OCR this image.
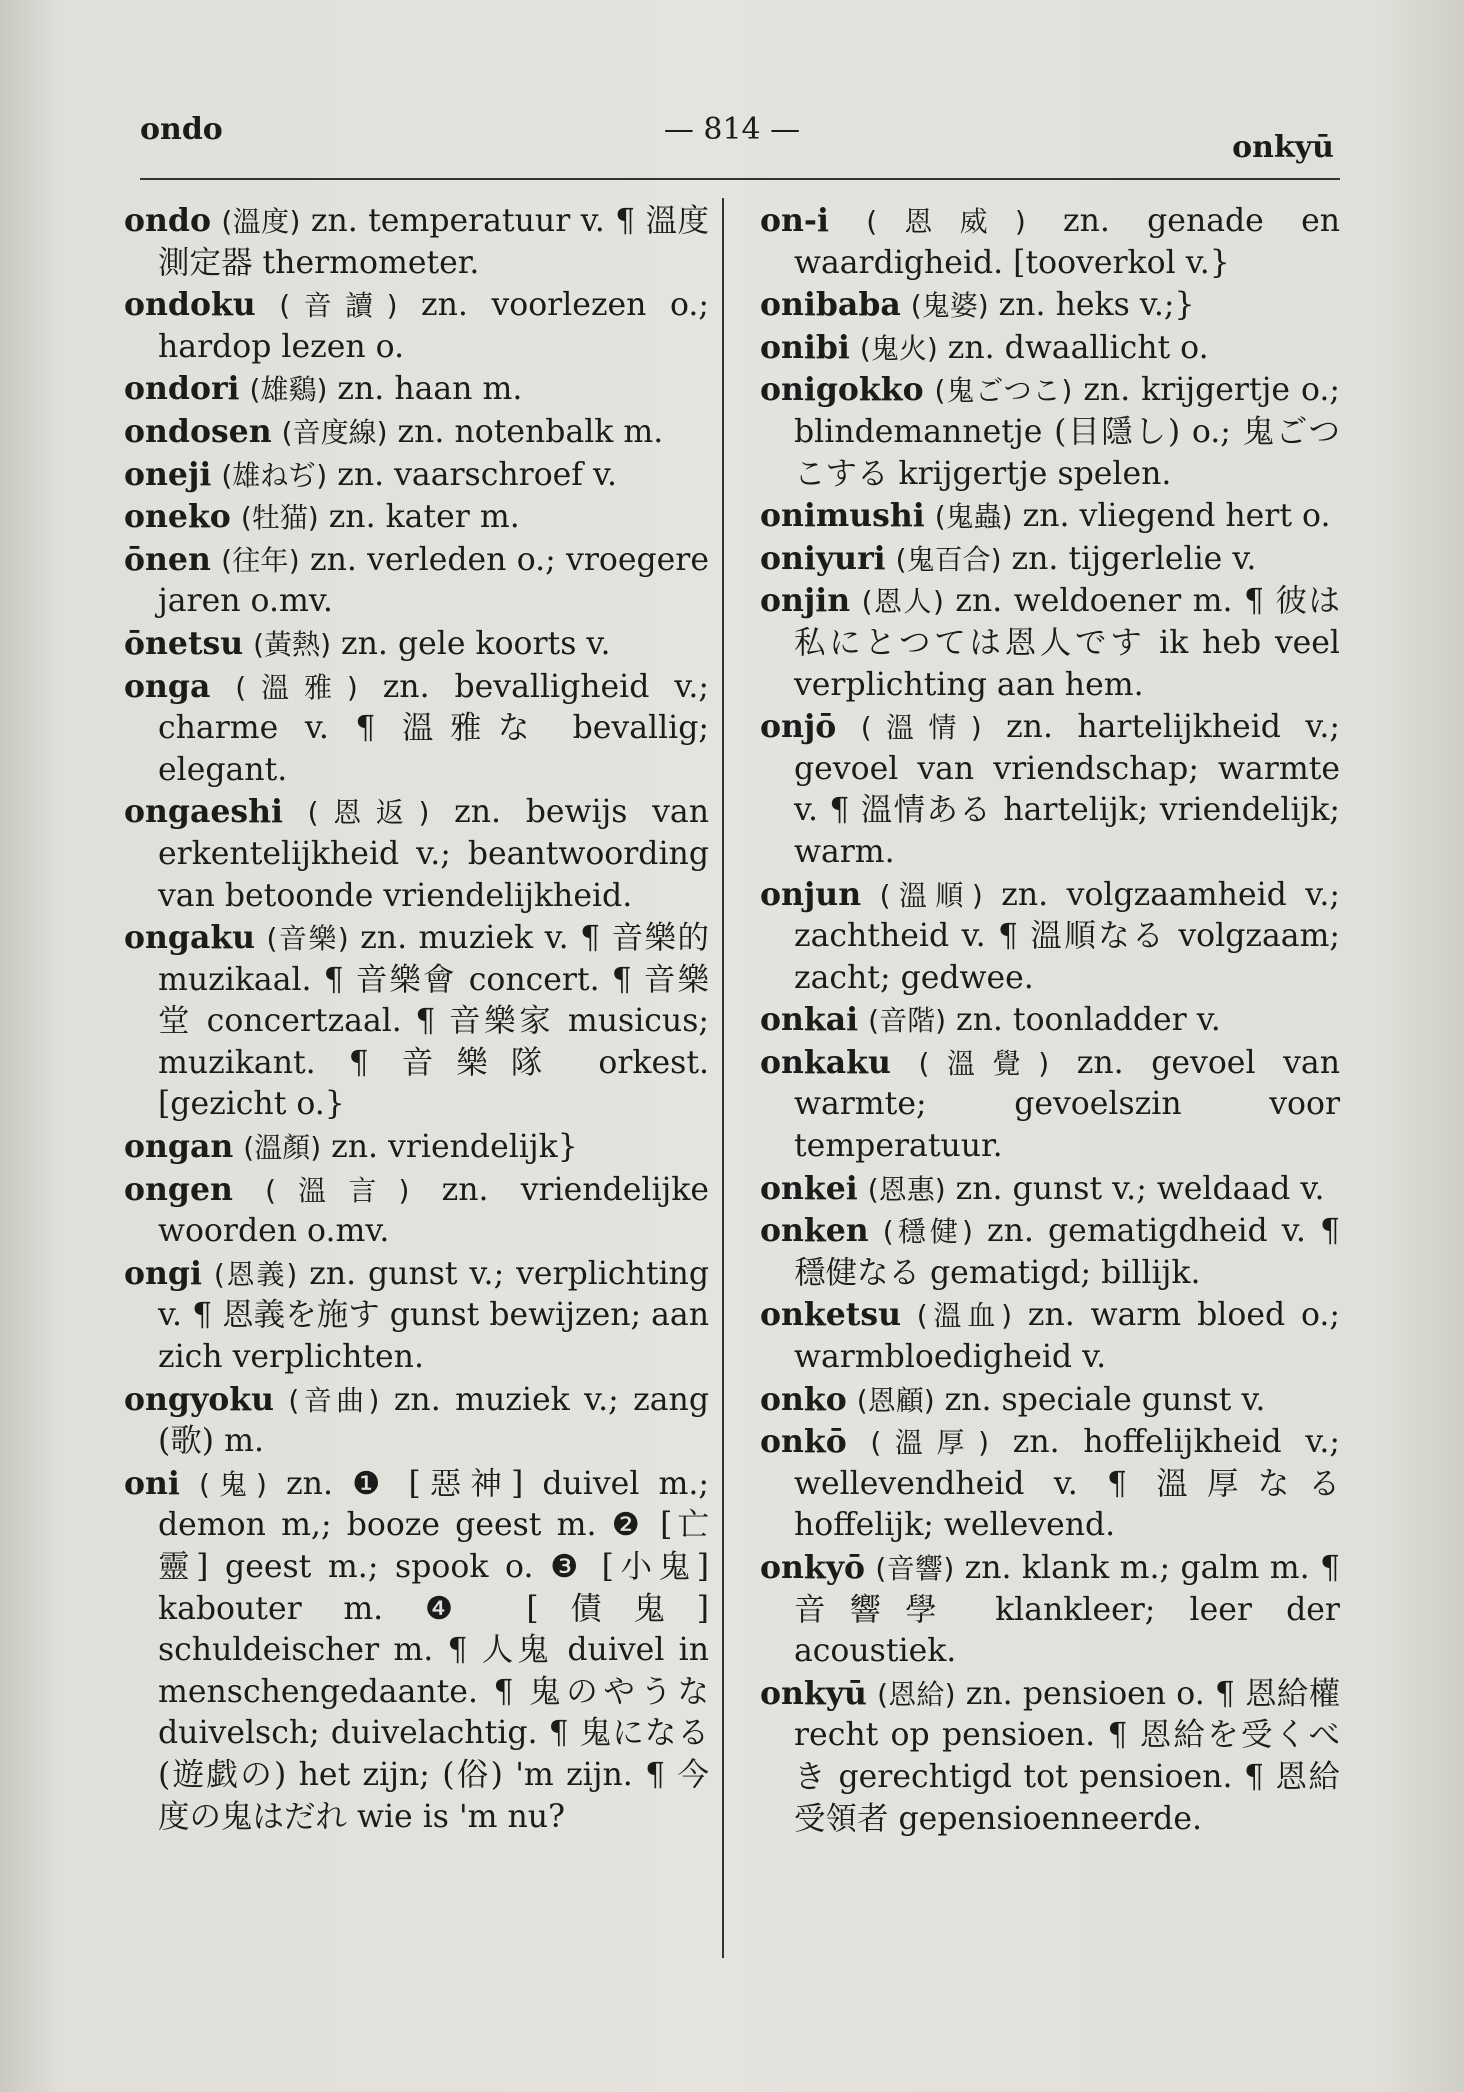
ondo	— 814 —
onkyū

ondo (溫度) zn. temperatuur v. ¶ 溫度測定器 thermometer.

ondoku (音讀) zn. voorlezen o.; hardop lezen o.

ondori (雄鷄) zn. haan m.

ondosen (音度線) zn. notenbalk m.

oneji (雄ねぢ) zn. vaarschroef v.

oneko (牡猫) zn. kater m.

ōnen (往年) zn. verleden o.; vroegere jaren o.mv.

ōnetsu (黃熱) zn. gele koorts v.

onga (溫雅) zn. bevalligheid v.; charme v. ¶ 溫雅な bevallig; elegant.

ongaeshi (恩返) zn. bewijs van erkentelijkheid v.; beantwoording van betoonde vriendelijkheid.

ongaku (音樂) zn. muziek v. ¶ 音樂的 muzikaal. ¶ 音樂會 concert. ¶ 音樂堂 concertzaal. ¶ 音樂家 musicus; muzikant. ¶ 音樂隊 orkest. [gezicht o.}

ongan (溫顏) zn. vriendelijk}

ongen (溫言) zn. vriendelijke woorden o.mv.

ongi (恩義) zn. gunst v.; verplichting v. ¶ 恩義を施す gunst bewijzen; aan zich verplichten.

ongyoku (音曲) zn. muziek v.; zang (歌) m.

oni (鬼) zn. ❶ [惡神] duivel m.; demon m,; booze geest m. ❷ [亡靈] geest m.; spook o. ❸ [小鬼] kabouter m. ❹ [債鬼] schuldeischer m. ¶ 人鬼 duivel in menschengedaante. ¶ 鬼のやうな duivelsch; duivelachtig. ¶ 鬼になる (遊戯の) het zijn; (俗) 'm zijn. ¶ 今度の鬼はだれ wie is 'm nu?

on-i (恩威) zn. genade en waardigheid. [tooverkol v.}

onibaba (鬼婆) zn. heks v.;}

onibi (鬼火) zn. dwaallicht o.

onigokko (鬼ごつこ) zn. krijgertje o.; blindemannetje (目隱し) o.; 鬼ごつこする krijgertje spelen.

onimushi (鬼蟲) zn. vliegend hert o.

oniyuri (鬼百合) zn. tijgerlelie v.

onjin (恩人) zn. weldoener m. ¶ 彼は私にとつては恩人です ik heb veel verplichting aan hem.

onjō (溫情) zn. hartelijkheid v.; gevoel van vriendschap; warmte v. ¶ 溫情ある hartelijk; vriendelijk; warm.

onjun (溫順) zn. volgzaamheid v.; zachtheid v. ¶ 溫順なる volgzaam; zacht; gedwee.

onkai (音階) zn. toonladder v.

onkaku (溫覺) zn. gevoel van warmte; gevoelszin voor temperatuur.

onkei (恩惠) zn. gunst v.; weldaad v.

onken (穩健) zn. gematigdheid v. ¶ 穩健なる gematigd; billijk.

onketsu (溫血) zn. warm bloed o.; warmbloedigheid v.

onko (恩顧) zn. speciale gunst v.

onkō (溫厚) zn. hoffelijkheid v.; wellevendheid v. ¶ 溫厚なる hoffelijk; wellevend.

onkyō (音響) zn. klank m.; galm m. ¶ 音響學 klankleer; leer der acoustiek.

onkyū (恩給) zn. pensioen o. ¶ 恩給權 recht op pensioen. ¶ 恩給を受くべき gerechtigd tot pensioen. ¶ 恩給受領者 gepensioenneerde.
